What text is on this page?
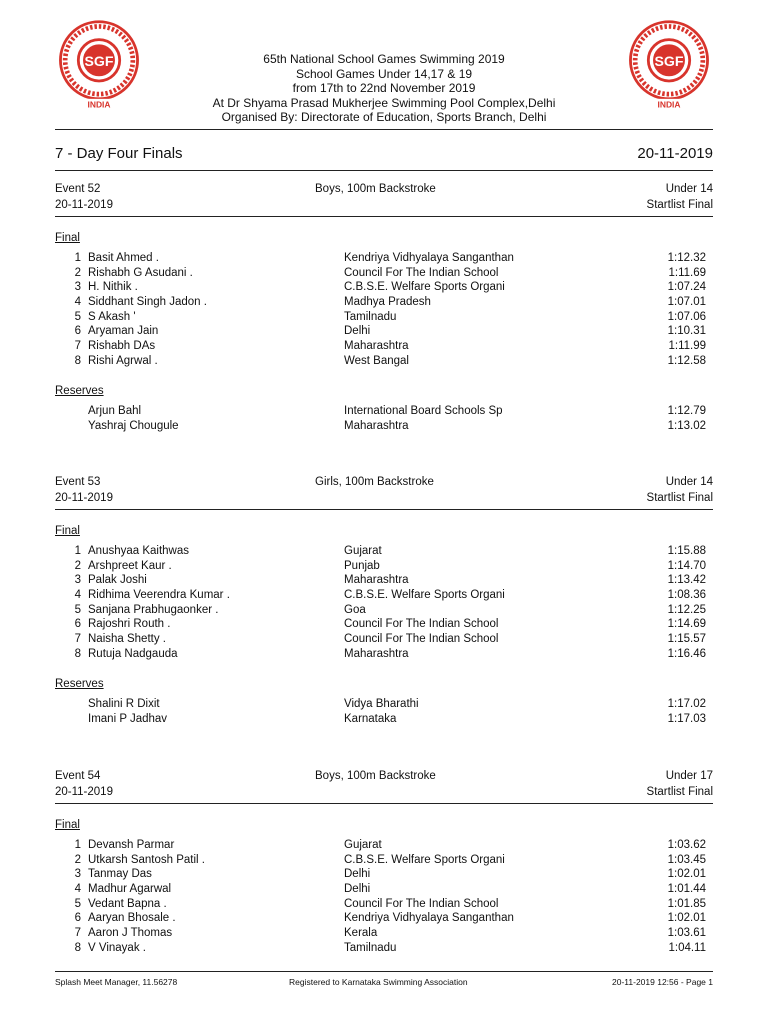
SGF
INDIA
SGF
INDIA
65th National School Games Swimming 2019
School Games Under 14,17 & 19
from 17th to 22nd November 2019
At Dr Shyama Prasad Mukherjee Swimming Pool Complex,Delhi
Organised By: Directorate of Education, Sports Branch, Delhi
7 - Day Four Finals	20-11-2019
Event 52	Boys, 100m Backstroke	Under 14
20-11-2019	Startlist Final
Final
1 Basit Ahmed .	Kendriya Vidhyalaya Sanganthan	1:12.32
2 Rishabh G Asudani .	Council For The Indian School	1:11.69
3 H. Nithik .	C.B.S.E. Welfare Sports Organi	1:07.24
4 Siddhant Singh Jadon .	Madhya Pradesh	1:07.01
5 S Akash '	Tamilnadu	1:07.06
6 Aryaman Jain	Delhi	1:10.31
7 Rishabh DAs	Maharashtra	1:11.99
8 Rishi Agrwal .	West Bangal	1:12.58
Reserves
Arjun Bahl	International Board Schools Sp	1:12.79
Yashraj Chougule	Maharashtra	1:13.02
Event 53	Girls, 100m Backstroke	Under 14
20-11-2019	Startlist Final
Final
1 Anushyaa Kaithwas	Gujarat	1:15.88
2 Arshpreet Kaur .	Punjab	1:14.70
3 Palak Joshi	Maharashtra	1:13.42
4 Ridhima Veerendra Kumar .	C.B.S.E. Welfare Sports Organi	1:08.36
5 Sanjana Prabhugaonker .	Goa	1:12.25
6 Rajoshri Routh .	Council For The Indian School	1:14.69
7 Naisha Shetty .	Council For The Indian School	1:15.57
8 Rutuja Nadgauda	Maharashtra	1:16.46
Reserves
Shalini R Dixit	Vidya Bharathi	1:17.02
Imani P Jadhav	Karnataka	1:17.03
Event 54	Boys, 100m Backstroke	Under 17
20-11-2019	Startlist Final
Final
1 Devansh Parmar	Gujarat	1:03.62
2 Utkarsh Santosh Patil .	C.B.S.E. Welfare Sports Organi	1:03.45
3 Tanmay Das	Delhi	1:02.01
4 Madhur Agarwal	Delhi	1:01.44
5 Vedant Bapna .	Council For The Indian School	1:01.85
6 Aaryan Bhosale .	Kendriya Vidhyalaya Sanganthan	1:02.01
7 Aaron J Thomas	Kerala	1:03.61
8 V Vinayak .	Tamilnadu	1:04.11
Splash Meet Manager, 11.56278	Registered to Karnataka Swimming Association	20-11-2019 12:56 - Page 1
